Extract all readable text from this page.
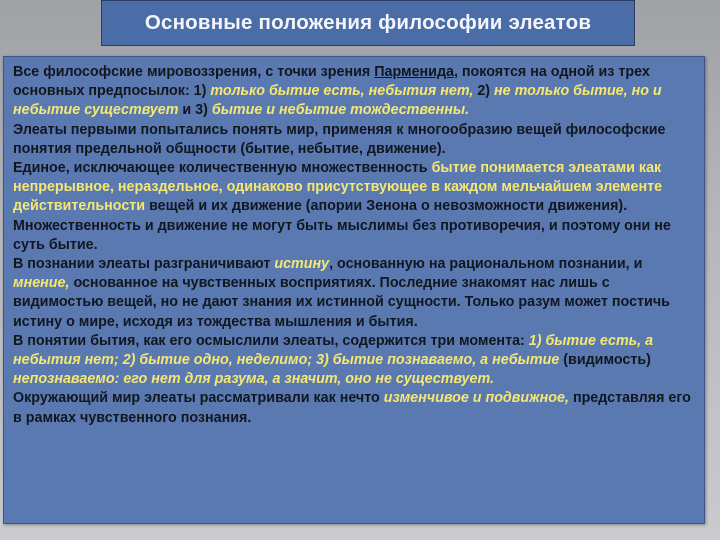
Основные положения философии элеатов

Все философские мировоззрения, с точки зрения Парменида, покоятся на одной из трех основных предпосылок: 1) только бытие есть, небытия нет, 2) не только бытие, но и небытие существует и 3) бытие и небытие тождественны.

Элеаты первыми попытались понять мир, применяя к многообразию вещей философские понятия предельной общности (бытие, небытие, движение).

Единое, исключающее количественную множественность бытие понимается элеатами как непрерывное, нераздельное, одинаково присутствующее в каждом мельчайшем элементе действительности вещей и их движение (апории Зенона о невозможности движения). Множественность и движение не могут быть мыслимы без противоречия, и поэтому они не суть бытие.

В познании элеаты разграничивают истину, основанную на рациональном познании, и мнение, основанное на чувственных восприятиях. Последние знакомят нас лишь с видимостью вещей, но не дают знания их истинной сущности. Только разум может постичь истину о мире, исходя из тождества мышления и бытия.

В понятии бытия, как его осмыслили элеаты, содержится три момента: 1) бытие есть, а небытия нет; 2) бытие одно, неделимо; 3) бытие познаваемо, а небытие (видимость) непознаваемо: его нет для разума, а значит, оно не существует.

Окружающий мир элеаты рассматривали как нечто изменчивое и подвижное, представляя его в рамках чувственного познания.
